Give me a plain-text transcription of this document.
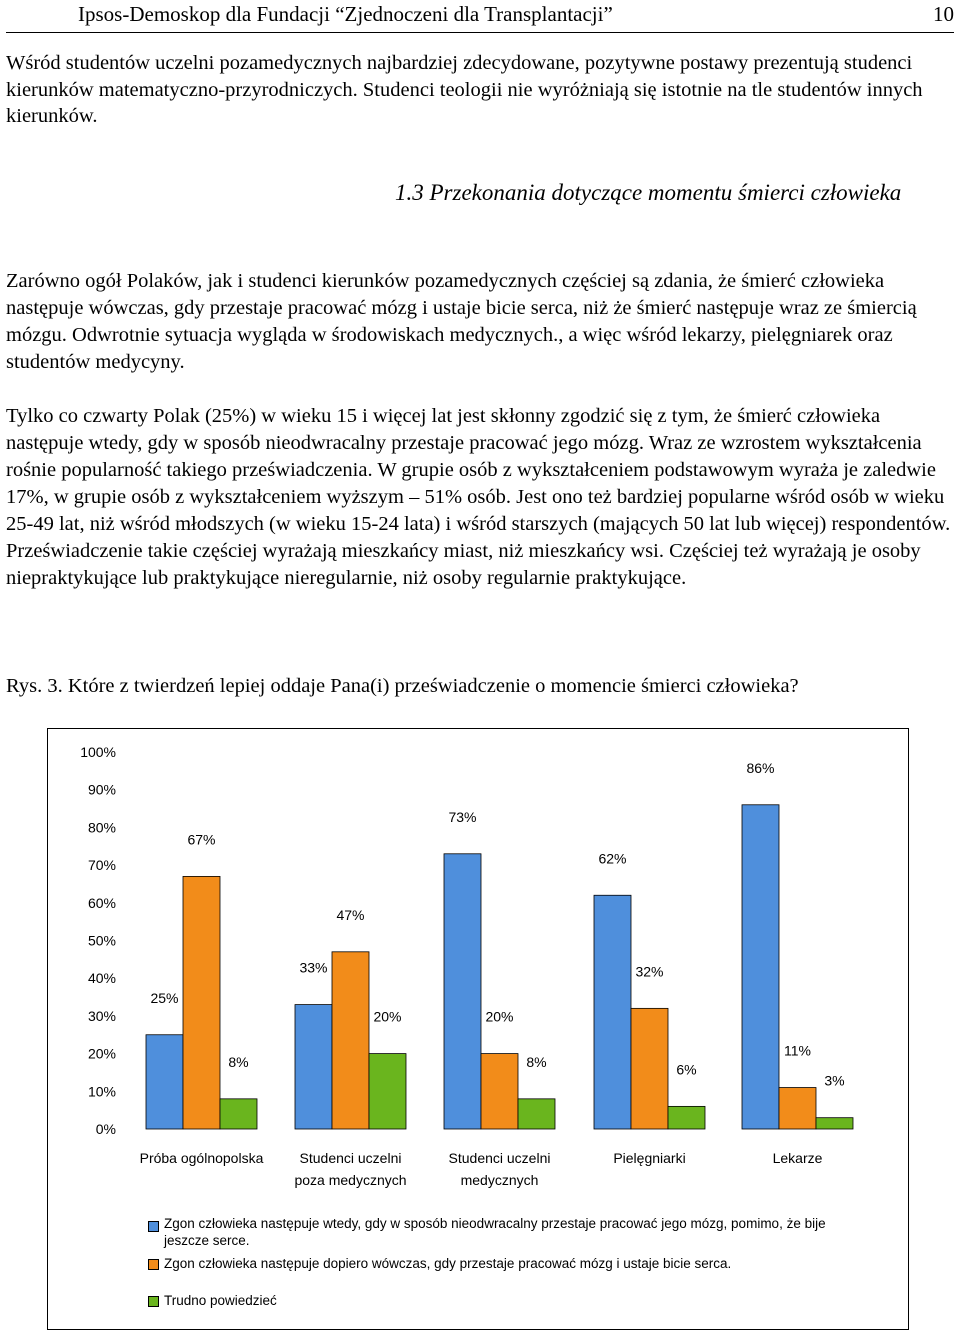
Ipsos-Demoskop dla Fundacji “Zjednoczeni dla Transplantacji”	10
Wśród studentów uczelni pozamedycznych najbardziej zdecydowane, pozytywne postawy prezentują studenci kierunków matematyczno-przyrodniczych. Studenci teologii nie wyróżniają się istotnie na tle studentów innych kierunków.
1.3 Przekonania dotyczące momentu śmierci człowieka
Zarówno ogół Polaków, jak i studenci kierunków pozamedycznych częściej są zdania, że śmierć człowieka następuje wówczas, gdy przestaje pracować mózg i ustaje bicie serca, niż że śmierć następuje wraz ze śmiercią mózgu. Odwrotnie sytuacja wygląda w środowiskach medycznych., a więc wśród lekarzy, pielęgniarek oraz studentów medycyny.
Tylko co czwarty Polak (25%) w wieku 15 i więcej lat jest skłonny zgodzić się z tym, że śmierć człowieka następuje wtedy, gdy w sposób nieodwracalny przestaje pracować jego mózg. Wraz ze wzrostem wykształcenia rośnie popularność takiego przeświadczenia. W grupie osób z wykształceniem podstawowym wyraża je zaledwie 17%, w grupie osób z wykształceniem wyższym – 51% osób. Jest ono też bardziej popularne wśród osób w wieku 25-49 lat, niż wśród młodszych (w wieku 15-24 lata) i wśród starszych (mających 50 lat lub więcej) respondentów. Przeświadczenie takie częściej wyrażają mieszkańcy miast, niż mieszkańcy wsi. Częściej też wyrażają je osoby niepraktykujące lub praktykujące nieregularnie, niż osoby regularnie praktykujące.
Rys. 3. Które z twierdzeń lepiej oddaje Pana(i) przeświadczenie o momencie śmierci człowieka?
0%
10%
20%
30%
40%
50%
60%
70%
80%
90%
100%
25%
33%
73%
62%
86%
67%
47%
20%
32%
11%
8%
20%
8%	6%
3%
Próba ogólnopolska	Studenci uczelni
poza medycznych
Studenci uczelni
medycznych
Pielęgniarki	Lekarze
Zgon człowieka następuje wtedy, gdy w sposób nieodwracalny przestaje pracować jego mózg, pomimo, że bije jeszcze serce.
Zgon człowieka następuje dopiero wówczas, gdy przestaje pracować mózg i ustaje bicie serca.
Trudno powiedzieć
